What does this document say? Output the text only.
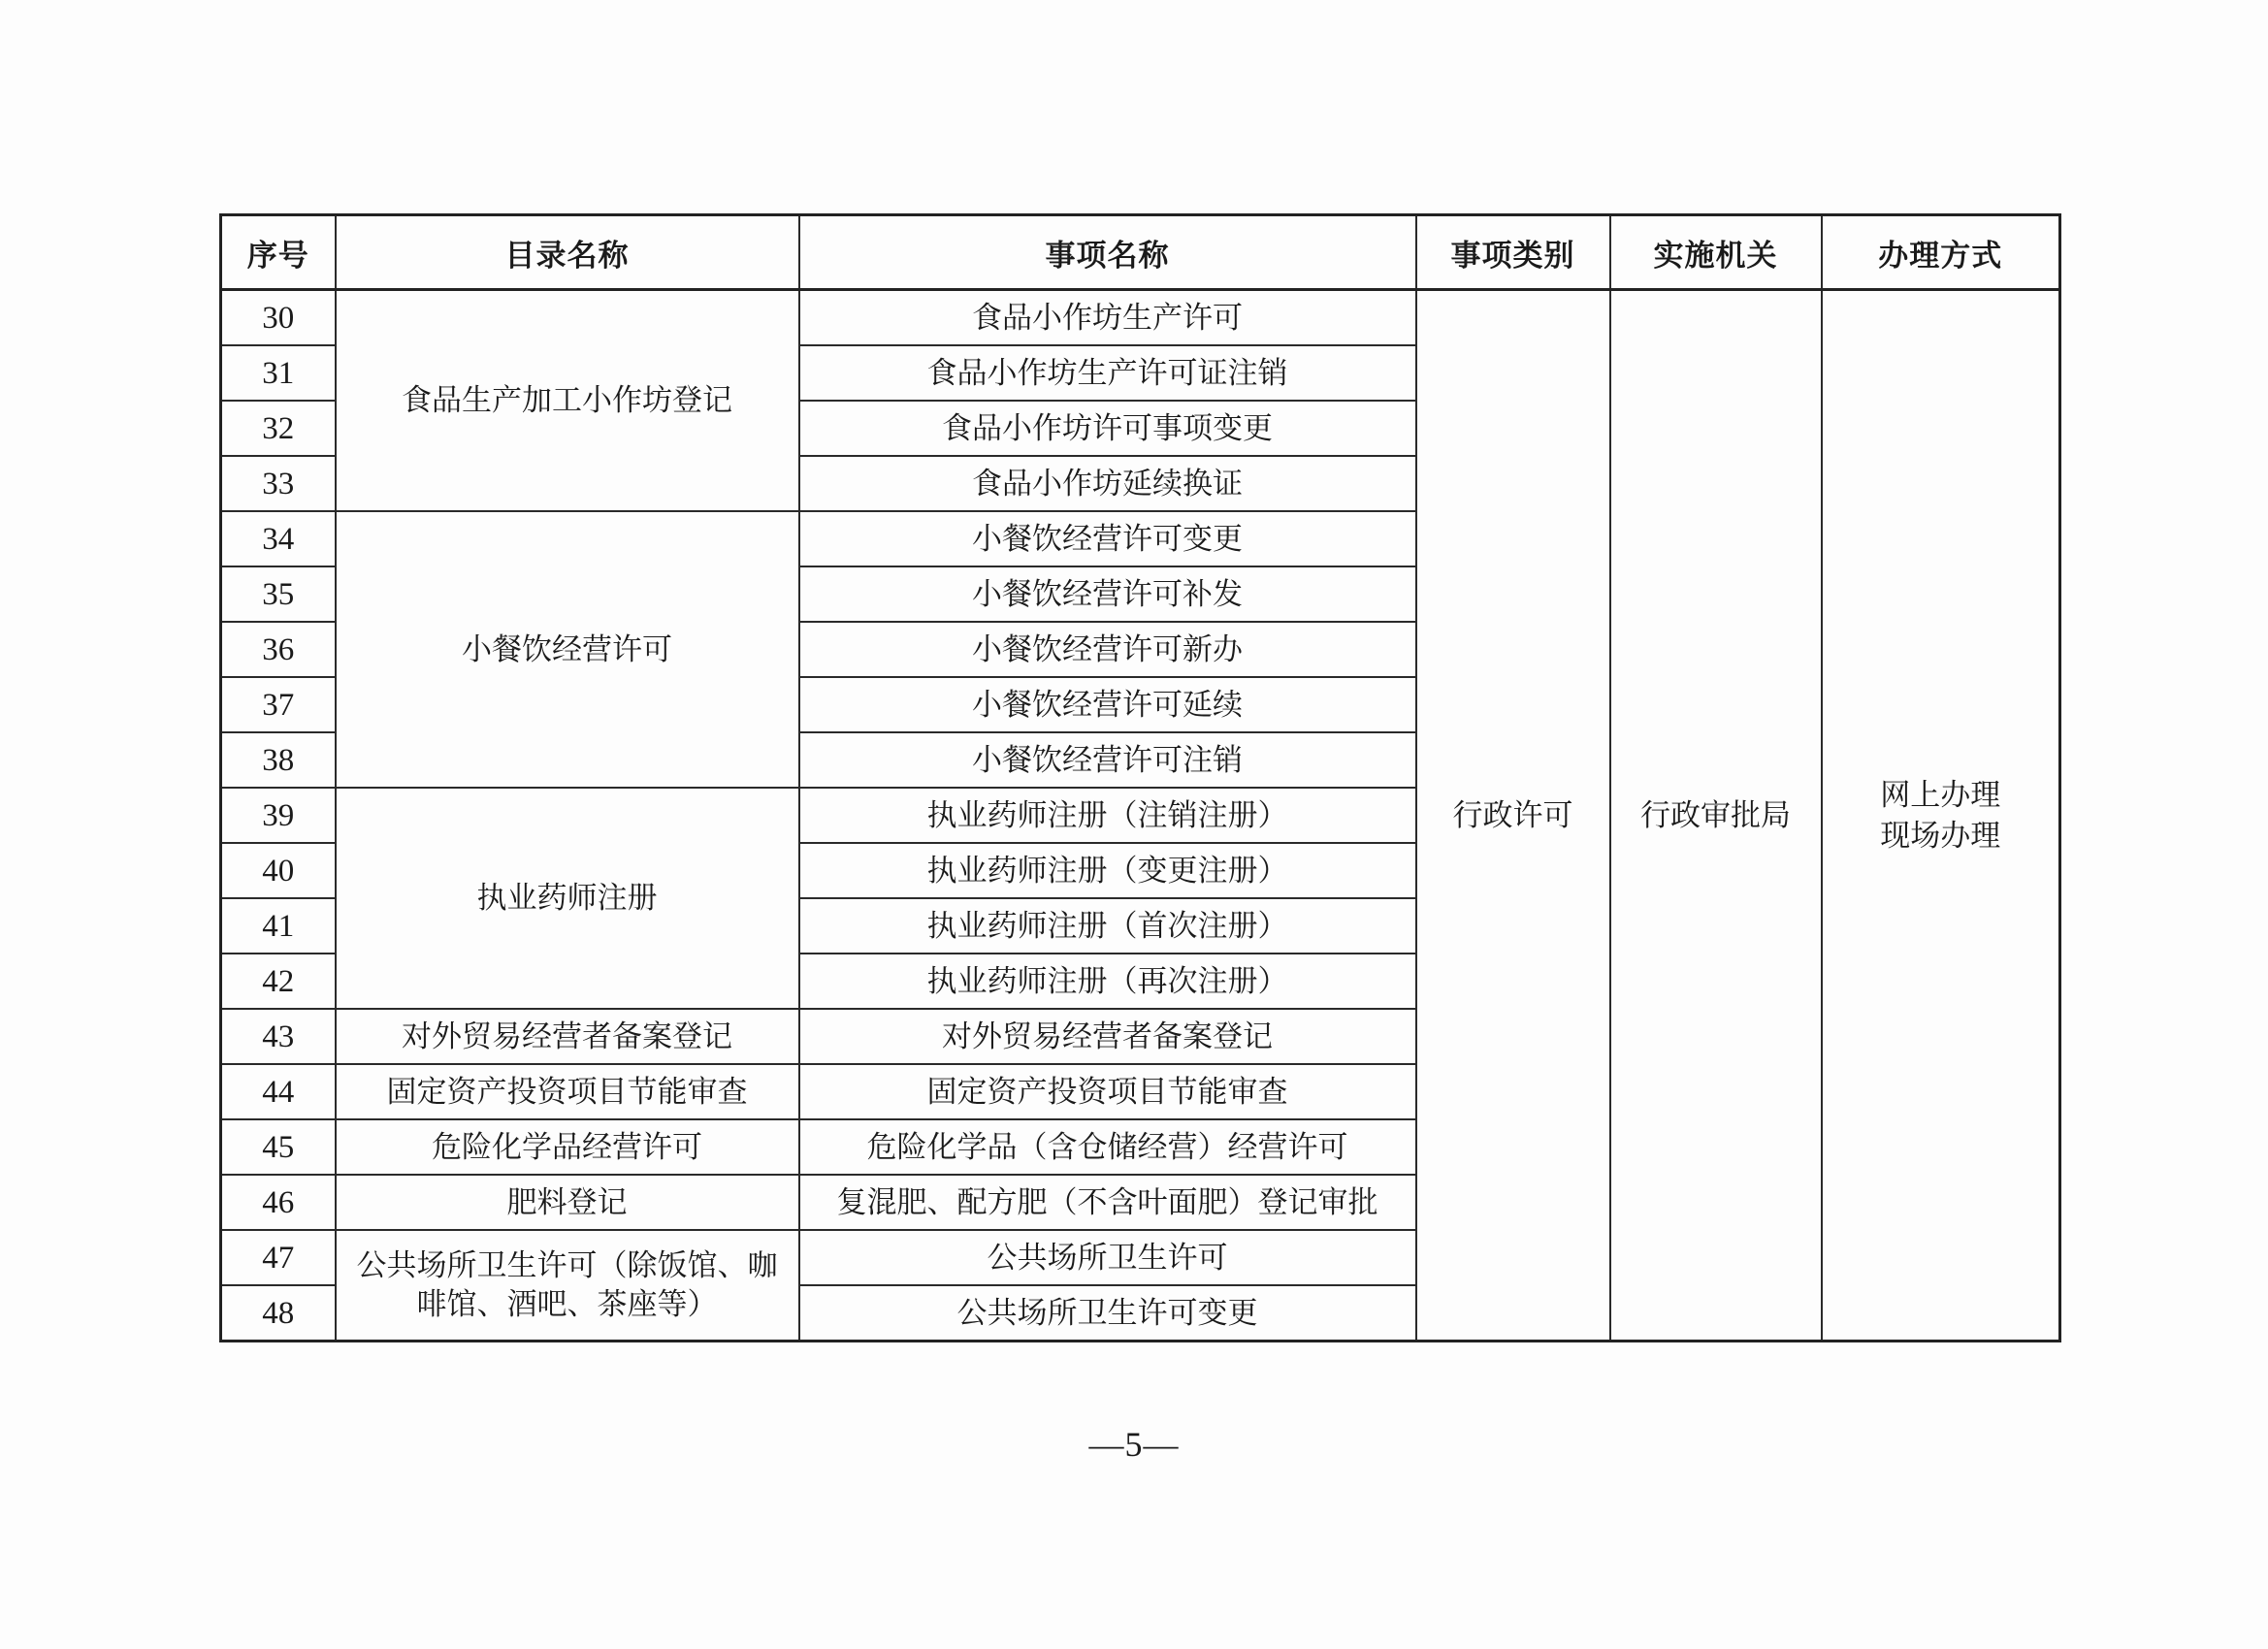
序号	目录名称	事项名称	事项类别	实施机关	办理方式
30	食品生产加工小作坊登记	食品小作坊生产许可	行政许可	行政审批局	网上办理
现场办理

31		食品小作坊生产许可证注销			
32		食品小作坊许可事项变更			
33		食品小作坊延续换证			
34	小餐饮经营许可	小餐饮经营许可变更			
35		小餐饮经营许可补发			
36		小餐饮经营许可新办			
37		小餐饮经营许可延续			
38		小餐饮经营许可注销			
39	执业药师注册	执业药师注册（注销注册）			
40		执业药师注册（变更注册）			
41		执业药师注册（首次注册）			
42		执业药师注册（再次注册）			
43	对外贸易经营者备案登记	对外贸易经营者备案登记			
44	固定资产投资项目节能审查	固定资产投资项目节能审查			
45	危险化学品经营许可	危险化学品（含仓储经营）经营许可			
46	肥料登记	复混肥、配方肥（不含叶面肥）登记审批			
47	公共场所卫生许可（除饭馆、咖啡馆、酒吧、茶座等）	公共场所卫生许可			
48		公共场所卫生许可变更			
—5—
